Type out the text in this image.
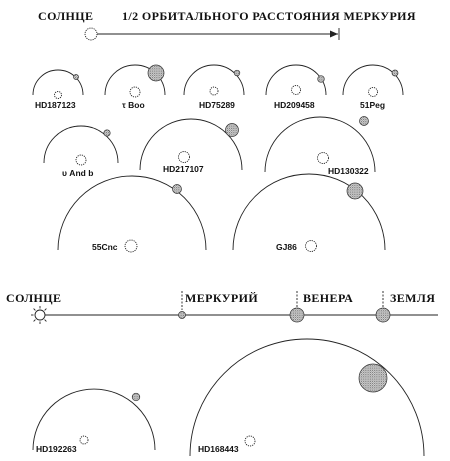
СОЛНЦЕ 1/2 ОРБИТАЛЬНОГО РАССТОЯНИЯ МЕРКУРИЯ
HD187123	τ Boo	HD75289	HD209458	51Peg
υ And b	HD217107	HD130322
55Cnc	GJ86
СОЛНЦЕ	МЕРКУРИЙ	ВЕНЕРА	ЗЕМЛЯ
HD192263	HD168443
